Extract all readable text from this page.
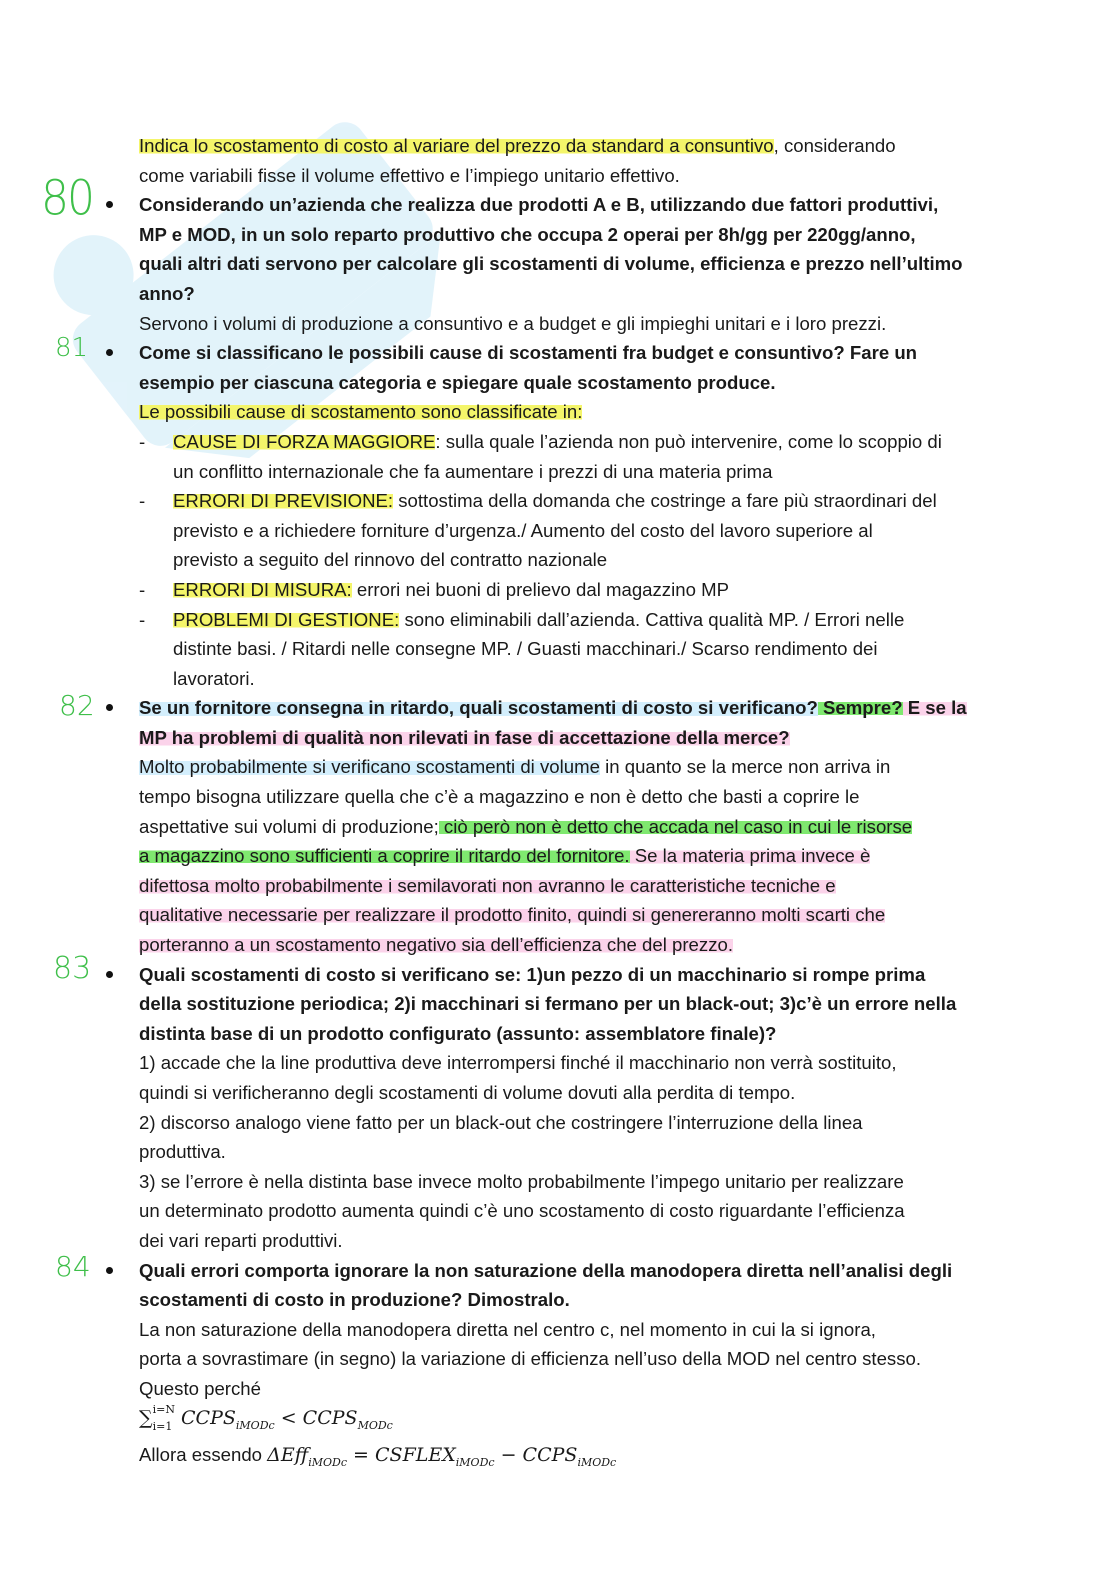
Indica lo scostamento di costo al variare del prezzo da standard a consuntivo, considerando
come variabili fisse il volume effettivo e l’impiego unitario effettivo.
80 Considerando un’azienda che realizza due prodotti A e B, utilizzando due fattori produttivi,
MP e MOD, in un solo reparto produttivo che occupa 2 operai per 8h/gg per 220gg/anno,
quali altri dati servono per calcolare gli scostamenti di volume, efficienza e prezzo nell’ultimo
anno?
Servono i volumi di produzione a consuntivo e a budget e gli impieghi unitari e i loro prezzi.
81	Come si classificano le possibili cause di scostamenti fra budget e consuntivo? Fare un
esempio per ciascuna categoria e spiegare quale scostamento produce.
Le possibili cause di scostamento sono classificate in:
- CAUSE DI FORZA MAGGIORE: sulla quale l’azienda non può intervenire, come lo scoppio di
un conflitto internazionale che fa aumentare i prezzi di una materia prima
- ERRORI DI PREVISIONE: sottostima della domanda che costringe a fare più straordinari del
previsto e a richiedere forniture d’urgenza./ Aumento del costo del lavoro superiore al
previsto a seguito del rinnovo del contratto nazionale
- ERRORI DI MISURA: errori nei buoni di prelievo dal magazzino MP
- PROBLEMI DI GESTIONE: sono eliminabili dall’azienda. Cattiva qualità MP. / Errori nelle
distinte basi. / Ritardi nelle consegne MP. / Guasti macchinari./ Scarso rendimento dei
lavoratori.
82 Se un fornitore consegna in ritardo, quali scostamenti di costo si verificano? Sempre? E se la
MP ha problemi di qualità non rilevati in fase di accettazione della merce?
Molto probabilmente si verificano scostamenti di volume in quanto se la merce non arriva in
tempo bisogna utilizzare quella che c’è a magazzino e non è detto che basti a coprire le
aspettative sui volumi di produzione; ciò però non è detto che accada nel caso in cui le risorse
a magazzino sono sufficienti a coprire il ritardo del fornitore. Se la materia prima invece è
difettosa molto probabilmente i semilavorati non avranno le caratteristiche tecniche e
qualitative necessarie per realizzare il prodotto finito, quindi si genereranno molti scarti che
porteranno a un scostamento negativo sia dell’efficienza che del prezzo.
83	Quali scostamenti di costo si verificano se: 1)un pezzo di un macchinario si rompe prima
della sostituzione periodica; 2)i macchinari si fermano per un black-out; 3)c’è un errore nella
distinta base di un prodotto configurato (assunto: assemblatore finale)?
1) accade che la line produttiva deve interrompersi finché il macchinario non verrà sostituito,
quindi si verificheranno degli scostamenti di volume dovuti alla perdita di tempo.
2) discorso analogo viene fatto per un black-out che costringere l’interruzione della linea
produttiva.
3) se l’errore è nella distinta base invece molto probabilmente l’impego unitario per realizzare
un determinato prodotto aumenta quindi c’è uno scostamento di costo riguardante l’efficienza
dei vari reparti produttivi.
84	Quali errori comporta ignorare la non saturazione della manodopera diretta nell’analisi degli
scostamenti di costo in produzione? Dimostralo.
La non saturazione della manodopera diretta nel centro c, nel momento in cui la si ignora,
porta a sovrastimare (in segno) la variazione di efficienza nell’uso della MOD nel centro stesso.
Questo perché
∑$^{i=N}$
$_{i=1}$ $CCPS_{iMODc}$ < $CCPS_{MODc}$
Allora essendo $\Delta Eff_{iMODc} = CSFLEX_{iMODc}$ − $CCPS_{iMODc}$
